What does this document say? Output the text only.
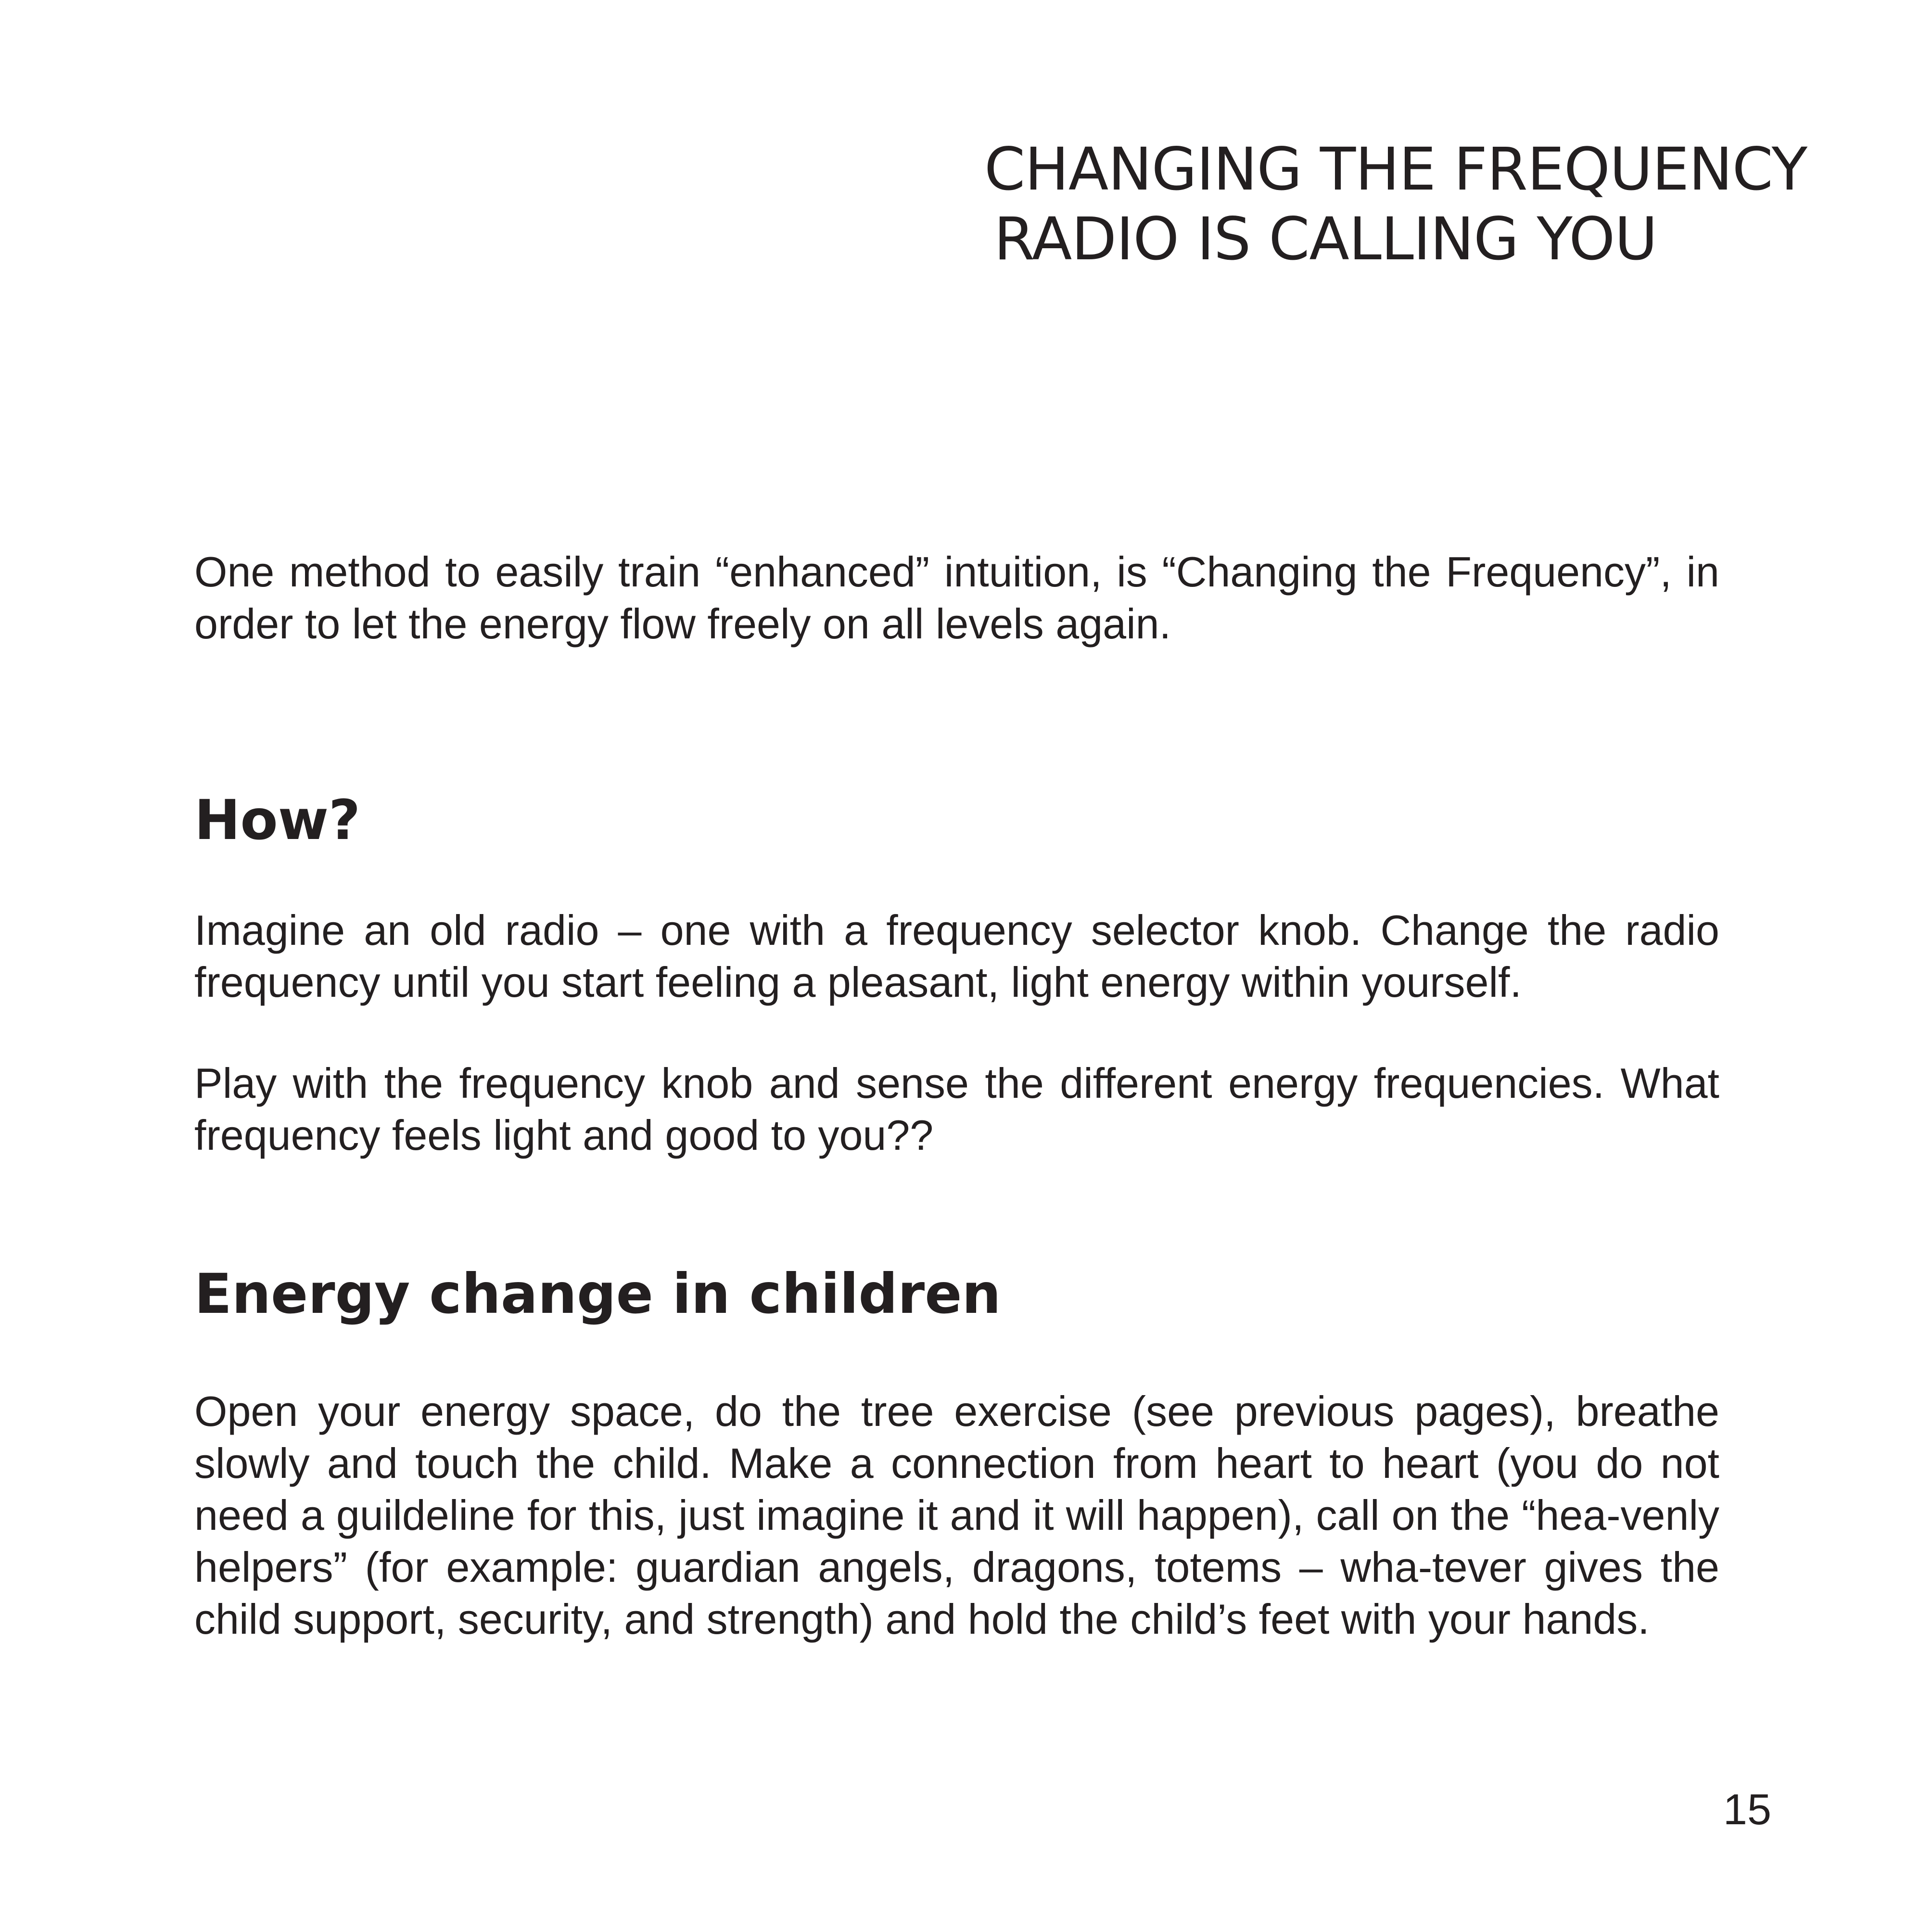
CHANGING THE FREQUENCY
RADIO IS CALLING YOU

One method to easily train “enhanced” intuition, is “Changing the Frequency”, in order to let the energy flow freely on all levels again.

How?

Imagine an old radio – one with a frequency selector knob. Change the radio frequency until you start feeling a pleasant, light energy within yourself.

Play with the frequency knob and sense the different energy frequencies. What frequency feels light and good to you??

Energy change in children

Open your energy space, do the tree exercise (see previous pages), breathe slowly and touch the child. Make a connection from heart to heart (you do not need a guildeline for this, just imagine it and it will happen), call on the “hea-venly helpers” (for example: guardian angels, dragons, totems – wha-tever gives the child support, security, and strength) and hold the child’s feet with your hands.

15
